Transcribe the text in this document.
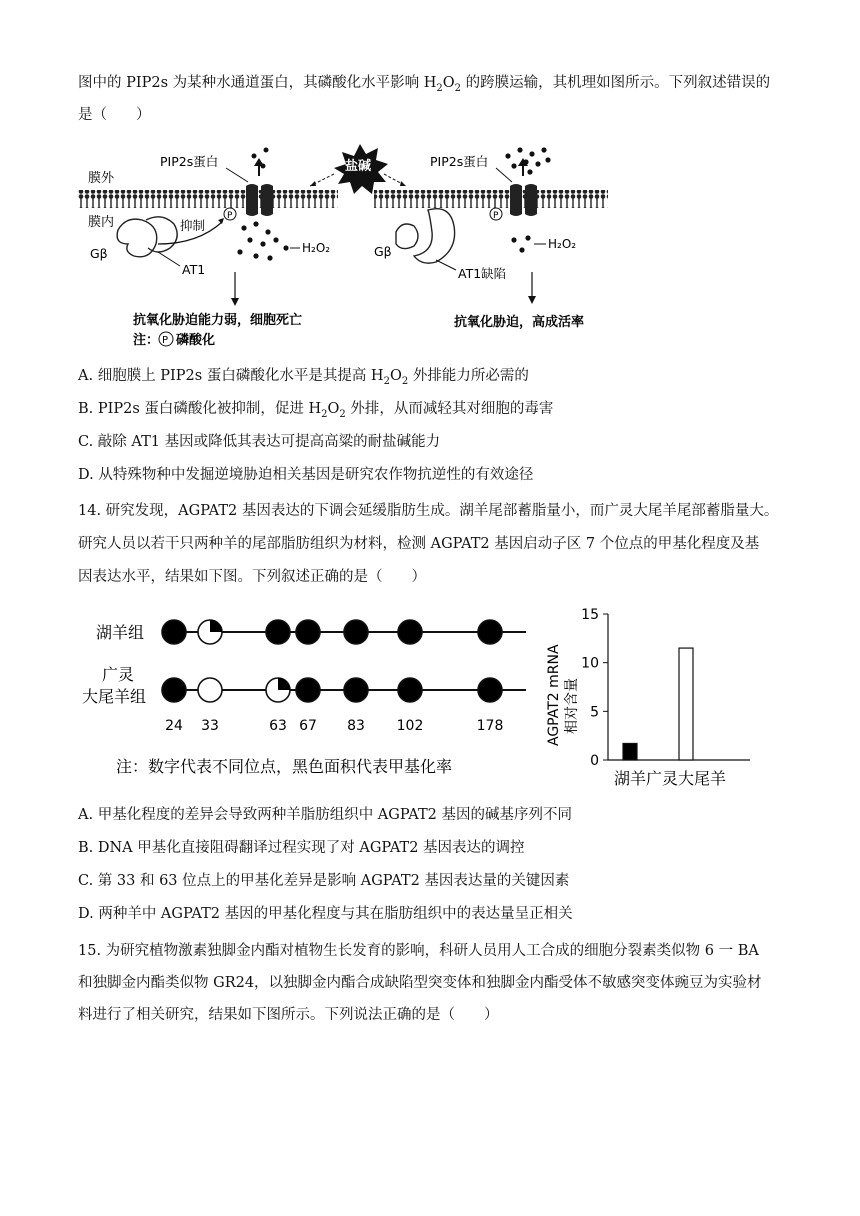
图中的 PIP2s 为某种水通道蛋白，其磷酸化水平影响 $H_2O_2$ 的跨膜运输，其机理如图所示。下列叙述错误的
是（　　）
膜外
膜内	P
PIP2s蛋白
H₂O₂
Gβ
AT1
抑制
抗氧化胁迫能力弱，细胞死亡
注： P 磷酸化
盐碱
P
PIP2s蛋白
H₂O₂
Gβ
AT1缺陷
抗氧化胁迫，高成活率
A. 细胞膜上 PIP2s 蛋白磷酸化水平是其提高 $H_2O_2$ 外排能力所必需的
B. PIP2s 蛋白磷酸化被抑制，促进 $H_2O_2$ 外排，从而减轻其对细胞的毒害
C. 敲除 AT1 基因或降低其表达可提高高粱的耐盐碱能力
D. 从特殊物种中发掘逆境胁迫相关基因是研究农作物抗逆性的有效途径
14. 研究发现，AGPAT2 基因表达的下调会延缓脂肪生成。湖羊尾部蓄脂量小，而广灵大尾羊尾部蓄脂量大。
研究人员以若干只两种羊的尾部脂肪组织为材料，检测 AGPAT2 基因启动子区 7 个位点的甲基化程度及基
因表达水平，结果如下图。下列叙述正确的是（　　）
湖羊组
广灵
大尾羊组
24 33	63 67 83 102	178
注：数字代表不同位点，黑色面积代表甲基化率
AGPAT2 mRNA 相对含量
0
5
10
15
湖羊 广灵大尾羊
A. 甲基化程度的差异会导致两种羊脂肪组织中 AGPAT2 基因的碱基序列不同
B. DNA 甲基化直接阻碍翻译过程实现了对 AGPAT2 基因表达的调控
C. 第 33 和 63 位点上的甲基化差异是影响 AGPAT2 基因表达量的关键因素
D. 两种羊中 AGPAT2 基因的甲基化程度与其在脂肪组织中的表达量呈正相关
15. 为研究植物激素独脚金内酯对植物生长发育的影响，科研人员用人工合成的细胞分裂素类似物 6 一 BA
和独脚金内酯类似物 GR24，以独脚金内酯合成缺陷型突变体和独脚金内酯受体不敏感突变体豌豆为实验材
料进行了相关研究，结果如下图所示。下列说法正确的是（　　）
